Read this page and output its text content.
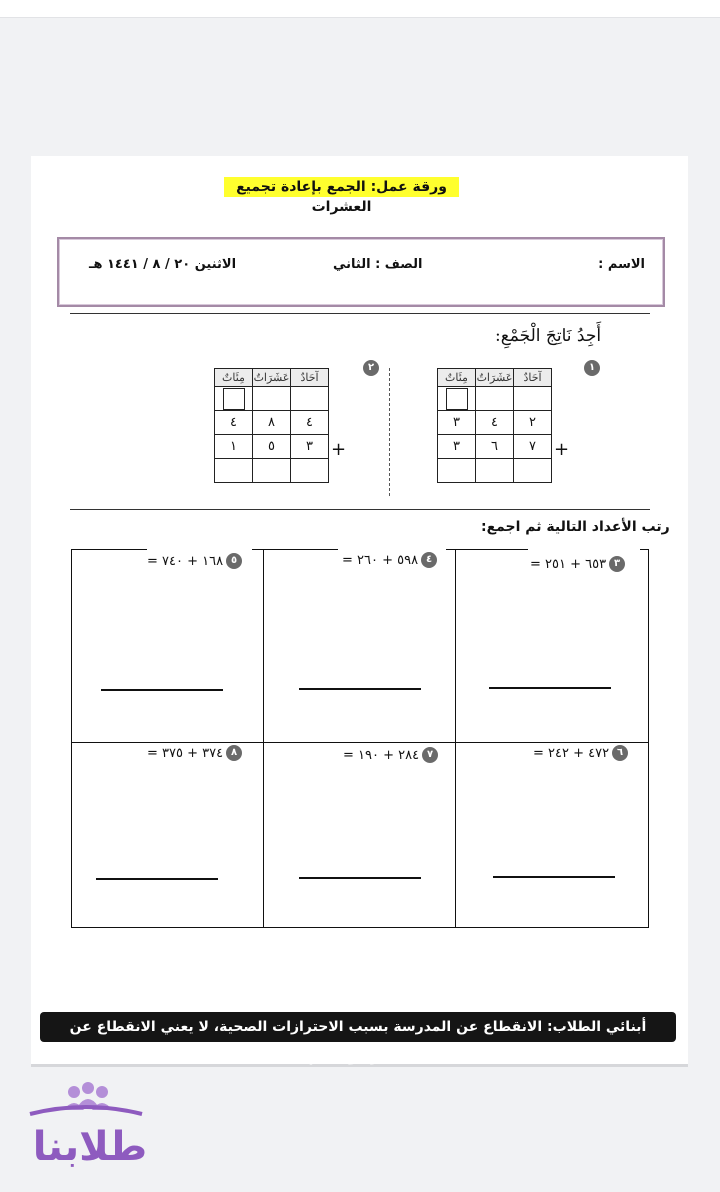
ورقة عمل: الجمع بإعادة تجميع العشرات
الاسم :
الصف : الثاني
الاثنين ٢٠ / ٨ / ١٤٤١ هـ
أَجِدُ نَاتِجَ الْجَمْعِ:
١
مِئَاتٌ	عَشَرَاتٌ	آحَادٌ

٣	٤	٢
٣	٦	٧
		+
٢
مِئَاتٌ	عَشَرَاتٌ	آحَادٌ

٤	٨	٤
١	٥	٣
		+
رتب الأعداد التالية ثم اجمع:
٣
٦٥٣ + ٢٥١ =
٤
٥٩٨ + ٢٦٠ =
٥
١٦٨ + ٧٤٠ =
٦
٤٧٢ + ٢٤٢ =
٧
٢٨٤ + ١٩٠ =
٨
٣٧٤ + ٣٧٥ =
أبنائي الطلاب: الانقطاع عن المدرسة بسبب الاحترازات الصحية، لا يعني الانقطاع عن المذاكرة والتعلم!!
طلابنا
